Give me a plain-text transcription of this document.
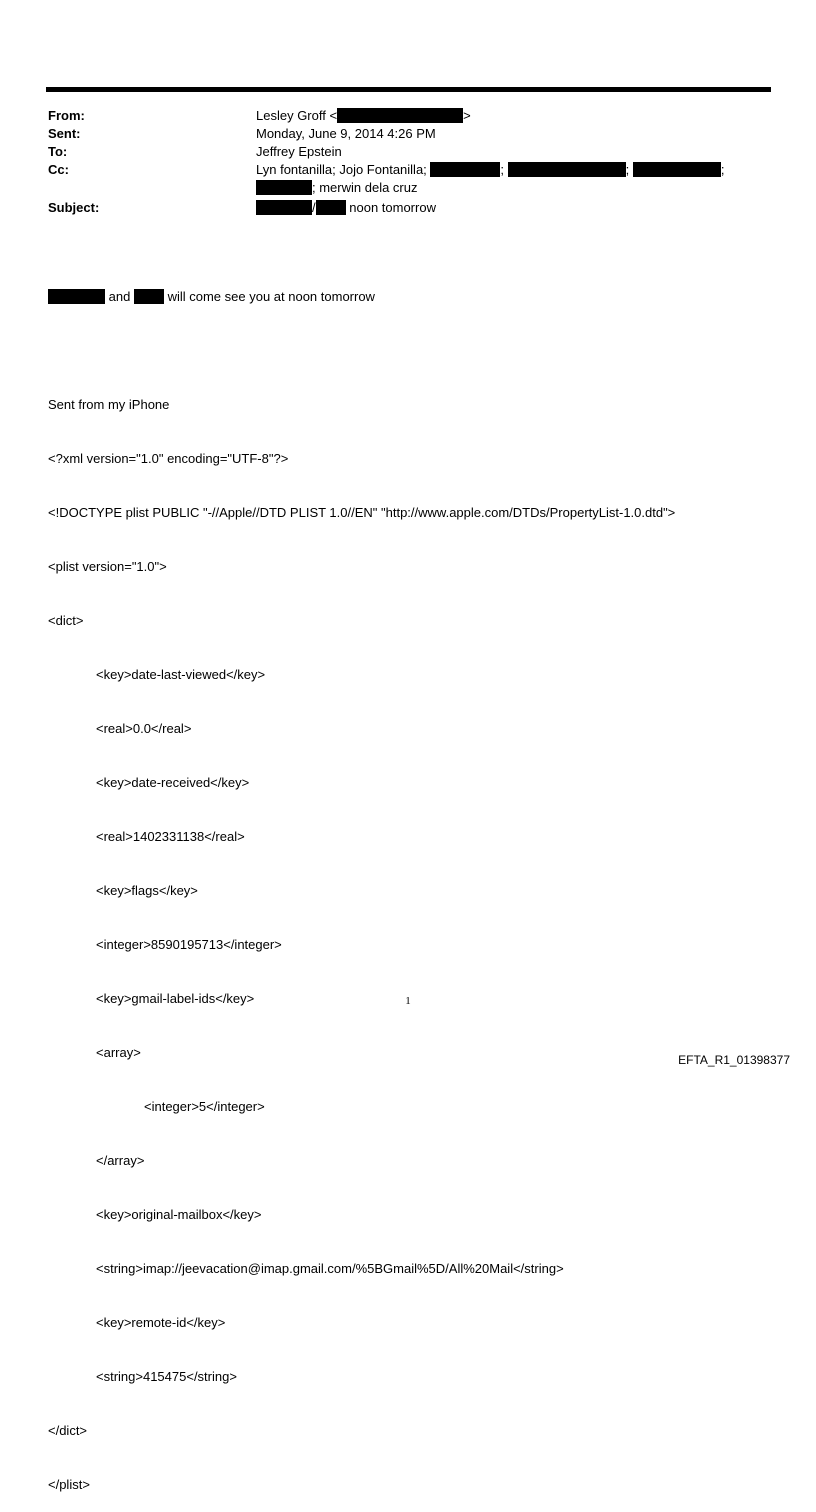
From:	Lesley Groff <	>
Sent:	Monday, June 9, 2014 4:26 PM
To:	Jeffrey Epstein
Cc:	Lyn fontanilla; Jojo Fontanilla;	;	;	;
; merwin dela cruz
Subject:	/	noon tomorrow

and	will come see you at noon tomorrow

Sent from my iPhone

<?xml version="1.0" encoding="UTF-8"?>

<!DOCTYPE plist PUBLIC "-//Apple//DTD PLIST 1.0//EN" "http://www.apple.com/DTDs/PropertyList-1.0.dtd">

<plist version="1.0">

<dict>

<key>date-last-viewed</key>

<real>0.0</real>

<key>date-received</key>

<real>1402331138</real>

<key>flags</key>

<integer>8590195713</integer>

<key>gmail-label-ids</key>

<array>

<integer>5</integer>

</array>

<key>original-mailbox</key>

<string>imap://jeevacation@imap.gmail.com/%5BGmail%5D/All%20Mail</string>

<key>remote-id</key>

<string>415475</string>

</dict>

</plist>

1
EFTA_R1_01398377
